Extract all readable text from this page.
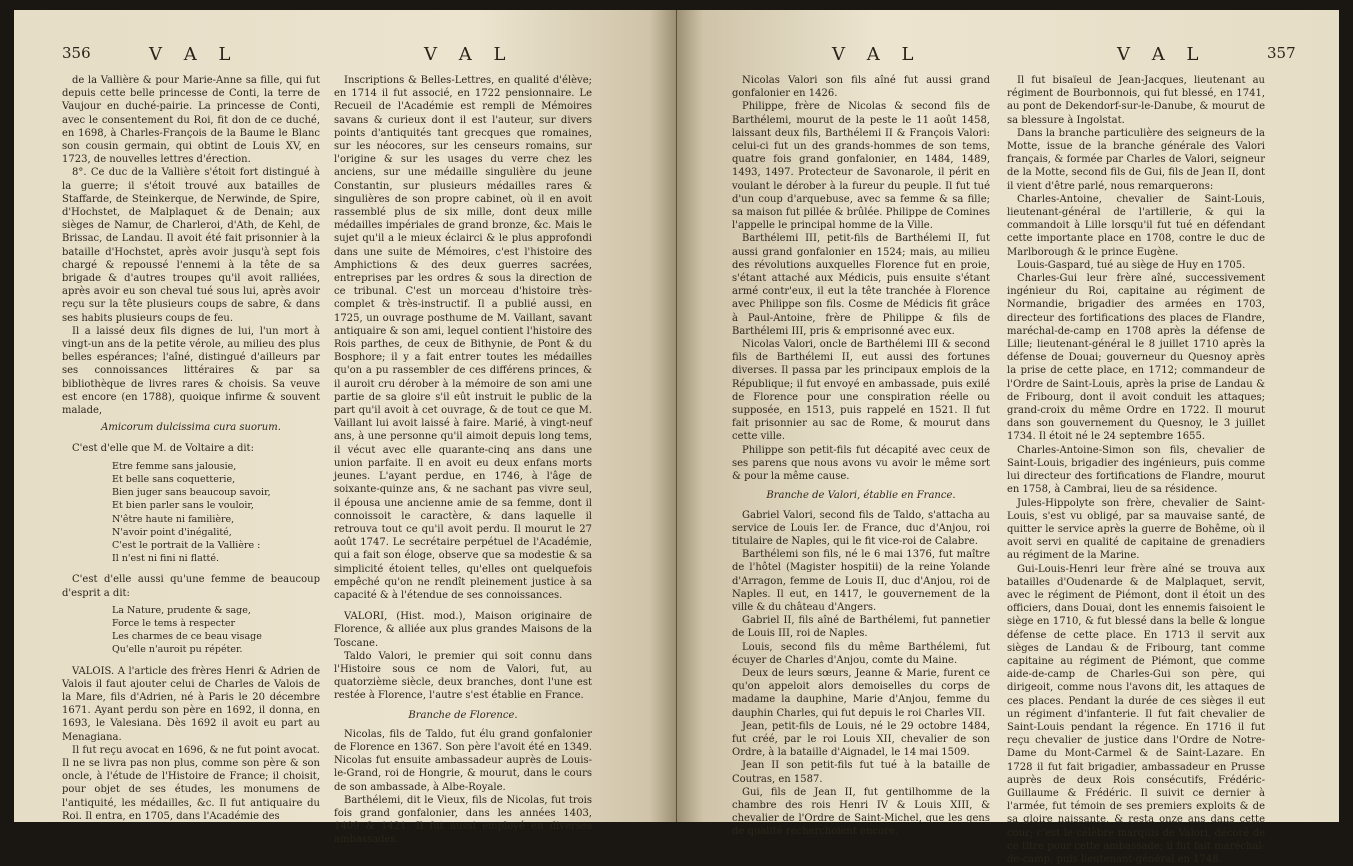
356	V A L	V A L

de la Vallière & pour Marie-Anne sa fille, qui fut depuis cette belle princesse de Conti, la terre de Vaujour en duché-pairie. La princesse de Conti, avec le consentement du Roi, fit don de ce duché, en 1698, à Charles-François de la Baume le Blanc son cousin germain, qui obtint de Louis XV, en 1723, de nouvelles lettres d'érection.

8°. Ce duc de la Vallière s'étoit fort distingué à la guerre; il s'étoit trouvé aux batailles de Staffarde, de Steinkerque, de Nerwinde, de Spire, d'Hochstet, de Malplaquet & de Denain; aux sièges de Namur, de Charleroi, d'Ath, de Kehl, de Brissac, de Landau. Il avoit été fait prisonnier à la bataille d'Hochstet, après avoir jusqu'à sept fois chargé & repoussé l'ennemi à la tête de sa brigade & d'autres troupes qu'il avoit ralliées, après avoir eu son cheval tué sous lui, après avoir reçu sur la tête plusieurs coups de sabre, & dans ses habits plusieurs coups de feu.

Il a laissé deux fils dignes de lui, l'un mort à vingt-un ans de la petite vérole, au milieu des plus belles espérances; l'aîné, distingué d'ailleurs par ses connoissances littéraires & par sa bibliothèque de livres rares & choisis. Sa veuve est encore (en 1788), quoique infirme & souvent malade,

Amicorum dulcissima cura suorum.

C'est d'elle que M. de Voltaire a dit:

Etre femme sans jalousie,
Et belle sans coquetterie,
Bien juger sans beaucoup savoir,
Et bien parler sans le vouloir,
N'être haute ni familière,
N'avoir point d'inégalité,
C'est le portrait de la Vallière :
Il n'est ni fini ni flatté.

C'est d'elle aussi qu'une femme de beaucoup d'esprit a dit:

La Nature, prudente & sage,
Force le tems à respecter
Les charmes de ce beau visage
Qu'elle n'auroit pu répéter.

VALOIS. A l'article des frères Henri & Adrien de Valois il faut ajouter celui de Charles de Valois de la Mare, fils d'Adrien, né à Paris le 20 décembre 1671. Ayant perdu son père en 1692, il donna, en 1693, le Valesiana. Dès 1692 il avoit eu part au Menagiana.

Il fut reçu avocat en 1696, & ne fut point avocat. Il ne se livra pas non plus, comme son père & son oncle, à l'étude de l'Histoire de France; il choisit, pour objet de ses études, les monumens de l'antiquité, les médailles, &c. Il fut antiquaire du Roi. Il entra, en 1705, dans l'Académie des

Inscriptions & Belles-Lettres, en qualité d'élève; en 1714 il fut associé, en 1722 pensionnaire. Le Recueil de l'Académie est rempli de Mémoires savans & curieux dont il est l'auteur, sur divers points d'antiquités tant grecques que romaines, sur les néocores, sur les censeurs romains, sur l'origine & sur les usages du verre chez les anciens, sur une médaille singulière du jeune Constantin, sur plusieurs médailles rares & singulières de son propre cabinet, où il en avoit rassemblé plus de six mille, dont deux mille médailles impériales de grand bronze, &c. Mais le sujet qu'il a le mieux éclairci & le plus approfondi dans une suite de Mémoires, c'est l'histoire des Amphictions & des deux guerres sacrées, entreprises par les ordres & sous la direction de ce tribunal. C'est un morceau d'histoire très-complet & très-instructif. Il a publié aussi, en 1725, un ouvrage posthume de M. Vaillant, savant antiquaire & son ami, lequel contient l'histoire des Rois parthes, de ceux de Bithynie, de Pont & du Bosphore; il y a fait entrer toutes les médailles qu'on a pu rassembler de ces différens princes, & il auroit cru dérober à la mémoire de son ami une partie de sa gloire s'il eût instruit le public de la part qu'il avoit à cet ouvrage, & de tout ce que M. Vaillant lui avoit laissé à faire. Marié, à vingt-neuf ans, à une personne qu'il aimoit depuis long tems, il vécut avec elle quarante-cinq ans dans une union parfaite. Il en avoit eu deux enfans morts jeunes. L'ayant perdue, en 1746, à l'âge de soixante-quinze ans, & ne sachant pas vivre seul, il épousa une ancienne amie de sa femme, dont il connoissoit le caractère, & dans laquelle il retrouva tout ce qu'il avoit perdu. Il mourut le 27 août 1747. Le secrétaire perpétuel de l'Académie, qui a fait son éloge, observe que sa modestie & sa simplicité étoient telles, qu'elles ont quelquefois empêché qu'on ne rendît pleinement justice à sa capacité & à l'étendue de ses connoissances.

VALORI, (Hist. mod.), Maison originaire de Florence, & alliée aux plus grandes Maisons de la Toscane.

Taldo Valori, le premier qui soit connu dans l'Histoire sous ce nom de Valori, fut, au quatorzième siècle, deux branches, dont l'une est restée à Florence, l'autre s'est établie en France.

Branche de Florence.

Nicolas, fils de Taldo, fut élu grand gonfalonier de Florence en 1367. Son père l'avoit été en 1349. Nicolas fut ensuite ambassadeur auprès de Louis-le-Grand, roi de Hongrie, & mourut, dans le cours de son ambassade, à Albe-Royale.

Barthélemi, dit le Vieux, fils de Nicolas, fut trois fois grand gonfalonier, dans les années 1403, 1409 & 1421. Il fut aussi employé en diverses ambassades.

V A L	V A L	357

Nicolas Valori son fils aîné fut aussi grand gonfalonier en 1426.

Philippe, frère de Nicolas & second fils de Barthélemi, mourut de la peste le 11 août 1458, laissant deux fils, Barthélemi II & François Valori: celui-ci fut un des grands-hommes de son tems, quatre fois grand gonfalonier, en 1484, 1489, 1493, 1497. Protecteur de Savonarole, il périt en voulant le dérober à la fureur du peuple. Il fut tué d'un coup d'arquebuse, avec sa femme & sa fille; sa maison fut pillée & brûlée. Philippe de Comines l'appelle le principal homme de la Ville.

Barthélemi III, petit-fils de Barthélemi II, fut aussi grand gonfalonier en 1524; mais, au milieu des révolutions auxquelles Florence fut en proie, s'étant attaché aux Médicis, puis ensuite s'étant armé contr'eux, il eut la tête tranchée à Florence avec Philippe son fils. Cosme de Médicis fit grâce à Paul-Antoine, frère de Philippe & fils de Barthélemi III, pris & emprisonné avec eux.

Nicolas Valori, oncle de Barthélemi III & second fils de Barthélemi II, eut aussi des fortunes diverses. Il passa par les principaux emplois de la République; il fut envoyé en ambassade, puis exilé de Florence pour une conspiration réelle ou supposée, en 1513, puis rappelé en 1521. Il fut fait prisonnier au sac de Rome, & mourut dans cette ville.

Philippe son petit-fils fut décapité avec ceux de ses parens que nous avons vu avoir le même sort & pour la même cause.

Branche de Valori, établie en France.

Gabriel Valori, second fils de Taldo, s'attacha au service de Louis Ier. de France, duc d'Anjou, roi titulaire de Naples, qui le fit vice-roi de Calabre.

Barthélemi son fils, né le 6 mai 1376, fut maître de l'hôtel (Magister hospitii) de la reine Yolande d'Arragon, femme de Louis II, duc d'Anjou, roi de Naples. Il eut, en 1417, le gouvernement de la ville & du château d'Angers.

Gabriel II, fils aîné de Barthélemi, fut pannetier de Louis III, roi de Naples.

Louis, second fils du même Barthélemi, fut écuyer de Charles d'Anjou, comte du Maine.

Deux de leurs sœurs, Jeanne & Marie, furent ce qu'on appeloit alors demoiselles du corps de madame la dauphine, Marie d'Anjou, femme du dauphin Charles, qui fut depuis le roi Charles VII.

Jean, petit-fils de Louis, né le 29 octobre 1484, fut créé, par le roi Louis XII, chevalier de son Ordre, à la bataille d'Aignadel, le 14 mai 1509.

Jean II son petit-fils fut tué à la bataille de Coutras, en 1587.

Gui, fils de Jean II, fut gentilhomme de la chambre des rois Henri IV & Louis XIII, & chevalier de l'Ordre de Saint-Michel, que les gens de qualité recherchoient encore.

Il fut bisaïeul de Jean-Jacques, lieutenant au régiment de Bourbonnois, qui fut blessé, en 1741, au pont de Dekendorf-sur-le-Danube, & mourut de sa blessure à Ingolstat.

Dans la branche particulière des seigneurs de la Motte, issue de la branche générale des Valori français, & formée par Charles de Valori, seigneur de la Motte, second fils de Gui, fils de Jean II, dont il vient d'être parlé, nous remarquerons:

Charles-Antoine, chevalier de Saint-Louis, lieutenant-général de l'artillerie, & qui la commandoit à Lille lorsqu'il fut tué en défendant cette importante place en 1708, contre le duc de Marlborough & le prince Eugène.

Louis-Gaspard, tué au siège de Huy en 1705.

Charles-Gui leur frère aîné, successivement ingénieur du Roi, capitaine au régiment de Normandie, brigadier des armées en 1703, directeur des fortifications des places de Flandre, maréchal-de-camp en 1708 après la défense de Lille; lieutenant-général le 8 juillet 1710 après la défense de Douai; gouverneur du Quesnoy après la prise de cette place, en 1712; commandeur de l'Ordre de Saint-Louis, après la prise de Landau & de Fribourg, dont il avoit conduit les attaques; grand-croix du même Ordre en 1722. Il mourut dans son gouvernement du Quesnoy, le 3 juillet 1734. Il étoit né le 24 septembre 1655.

Charles-Antoine-Simon son fils, chevalier de Saint-Louis, brigadier des ingénieurs, puis comme lui directeur des fortifications de Flandre, mourut en 1758, à Cambrai, lieu de sa résidence.

Jules-Hippolyte son frère, chevalier de Saint-Louis, s'est vu obligé, par sa mauvaise santé, de quitter le service après la guerre de Bohême, où il avoit servi en qualité de capitaine de grenadiers au régiment de la Marine.

Gui-Louis-Henri leur frère aîné se trouva aux batailles d'Oudenarde & de Malplaquet, servit, avec le régiment de Piémont, dont il étoit un des officiers, dans Douai, dont les ennemis faisoient le siège en 1710, & fut blessé dans la belle & longue défense de cette place. En 1713 il servit aux sièges de Landau & de Fribourg, tant comme capitaine au régiment de Piémont, que comme aide-de-camp de Charles-Gui son père, qui dirigeoit, comme nous l'avons dit, les attaques de ces places. Pendant la durée de ces sièges il eut un régiment d'infanterie. Il fut fait chevalier de Saint-Louis pendant la régence. En 1716 il fut reçu chevalier de justice dans l'Ordre de Notre-Dame du Mont-Carmel & de Saint-Lazare. En 1728 il fut fait brigadier, ambassadeur en Prusse auprès de deux Rois consécutifs, Frédéric-Guillaume & Frédéric. Il suivit ce dernier à l'armée, fut témoin de ses premiers exploits & de sa gloire naissante, & resta onze ans dans cette cour; c'est le célèbre marquis de Valori, décoré de ce titre pour cette ambassade; il fut fait maréchal-de-camp, puis lieutenant-général en 1748.
